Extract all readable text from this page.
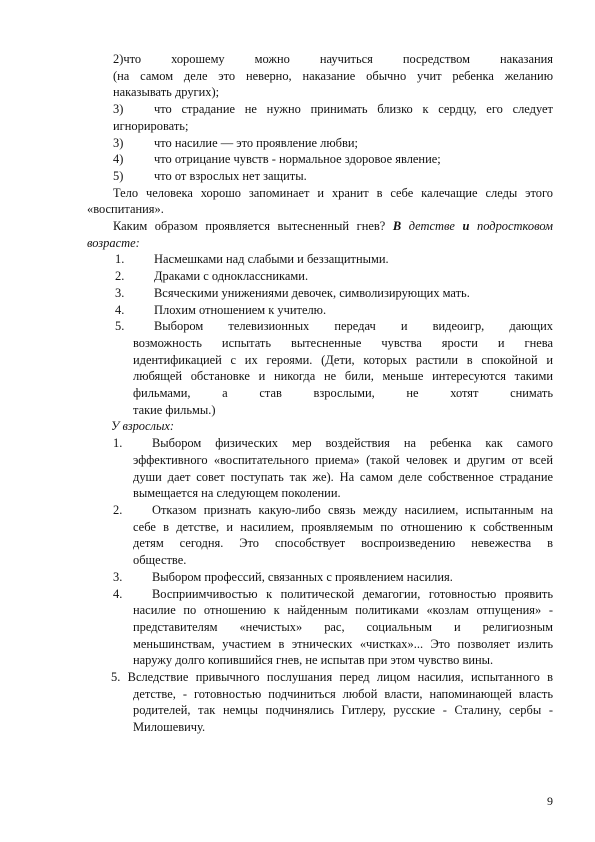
2)что хорошему можно научиться посредством наказания

(на самом деле это неверно, наказание обычно учит ребенка желанию

наказывать других);

3) что страдание не нужно принимать близко к сердцу, его следует

игнорировать;

3) что насилие — это проявление любви;

4) что отрицание чувств - нормальное здоровое явление;

5) что от взрослых нет защиты.

Тело человека хорошо запоминает и хранит в себе калечащие следы этого

«воспитания».

Каким образом проявляется вытесненный гнев? В детстве и подростковом

возрасте:

1. Насмешками над слабыми и беззащитными.

2. Драками с одноклассниками.

3. Всяческими унижениями девочек, символизирующих мать.

4. Плохим отношением к учителю.

5. Выбором телевизионных передач и видеоигр, дающих

возможность испытать вытесненные чувства ярости и гнева

идентификацией с их героями. (Дети, которых растили в спокойной и

любящей обстановке и никогда не били, меньше интересуются такими

фильмами, а став взрослыми, не хотят снимать

такие фильмы.)

У взрослых:

1.	Выбором физических мер воздействия на ребенка как самого

эффективного «воспитательного приема» (такой человек и другим от всей

души дает совет поступать так же). На самом деле собственное страдание

вымещается на следующем поколении.

2.	Отказом признать какую-либо связь между насилием, испытанным на

себе в детстве, и насилием, проявляемым по отношению к собственным

детям сегодня. Это способствует воспроизведению невежества в

обществе.

3.	Выбором профессий, связанных с проявлением насилия.

4.	Восприимчивостью к политической демагогии, готовностью проявить

насилие по отношению к найденным политиками «козлам отпущения» -

представителям «нечистых» рас, социальным и религиозным

меньшинствам, участием в этнических «чистках»... Это позволяет излить

наружу долго копившийся гнев, не испытав при этом чувство вины.

5. Вследствие привычного послушания перед лицом насилия, испытанного в

детстве, - готовностью подчиниться любой власти, напоминающей власть

родителей, так немцы подчинялись Гитлеру, русские - Сталину, сербы -

Милошевичу.

9
